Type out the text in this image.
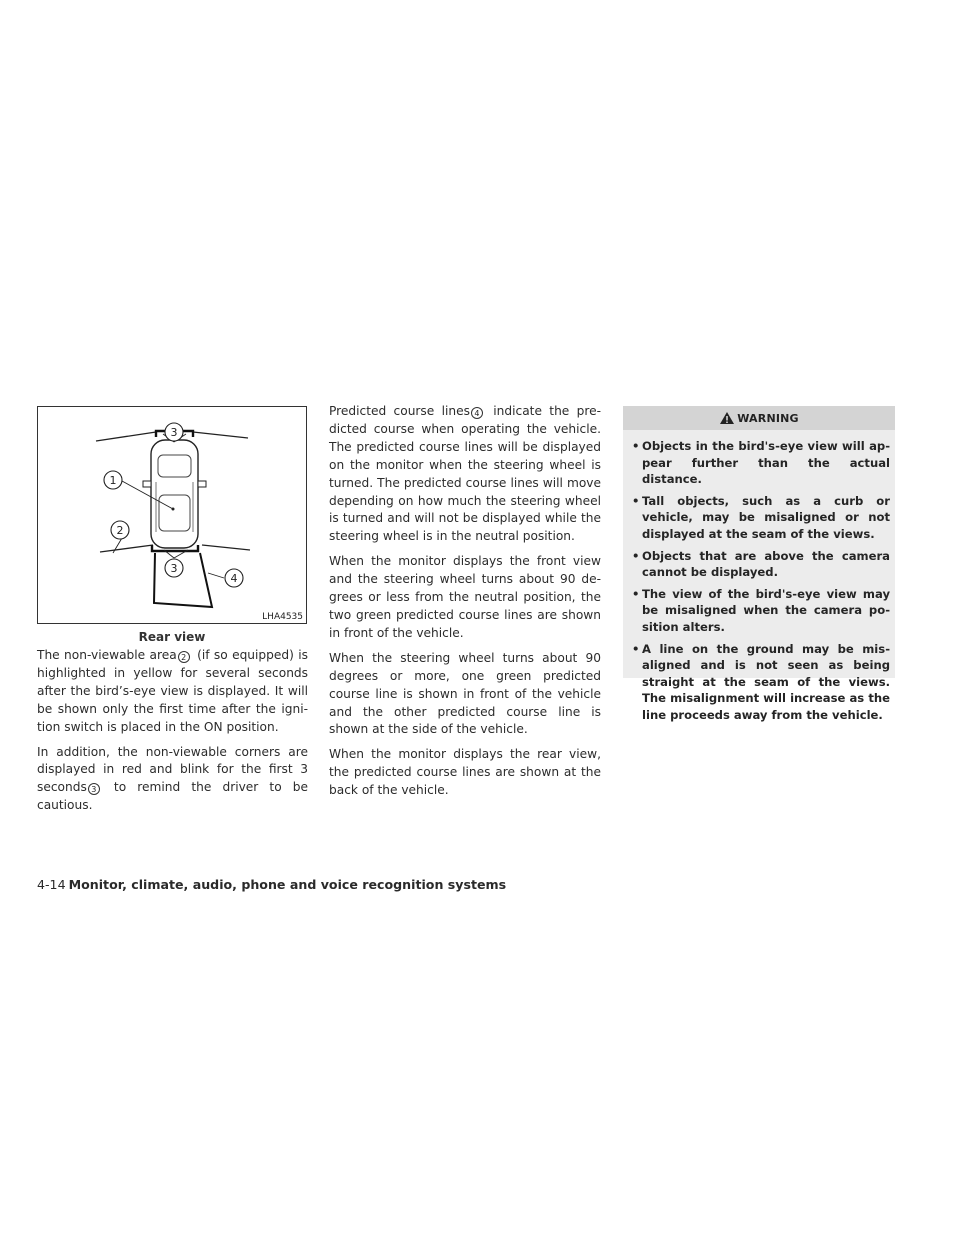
1
2
3
3
4
LHA4535
Rear view

The non-viewable area 2 (if so equipped) is highlighted in yellow for several seconds after the bird’s-eye view is displayed. It will be shown only the first time after the ignition switch is placed in the ON position.

In addition, the non-viewable corners are displayed in red and blink for the first 3 seconds 3 to remind the driver to be cautious.

Predicted course lines 4 indicate the predicted course when operating the vehicle. The predicted course lines will be displayed on the monitor when the steering wheel is turned. The predicted course lines will move depending on how much the steering wheel is turned and will not be displayed while the steering wheel is in the neutral position.

When the monitor displays the front view and the steering wheel turns about 90 degrees or less from the neutral position, the two green predicted course lines are shown in front of the vehicle.

When the steering wheel turns about 90 degrees or more, one green predicted course line is shown in front of the vehicle and the other predicted course line is shown at the side of the vehicle.

When the monitor displays the rear view, the predicted course lines are shown at the back of the vehicle.

WARNING
• Objects in the bird's-eye view will appear further than the actual distance.
• Tall objects, such as a curb or vehicle, may be misaligned or not displayed at the seam of the views.
• Objects that are above the camera cannot be displayed.
• The view of the bird's-eye view may be misaligned when the camera position alters.
• A line on the ground may be misaligned and is not seen as being straight at the seam of the views. The misalignment will increase as the line proceeds away from the vehicle.
4-14 Monitor, climate, audio, phone and voice recognition systems
